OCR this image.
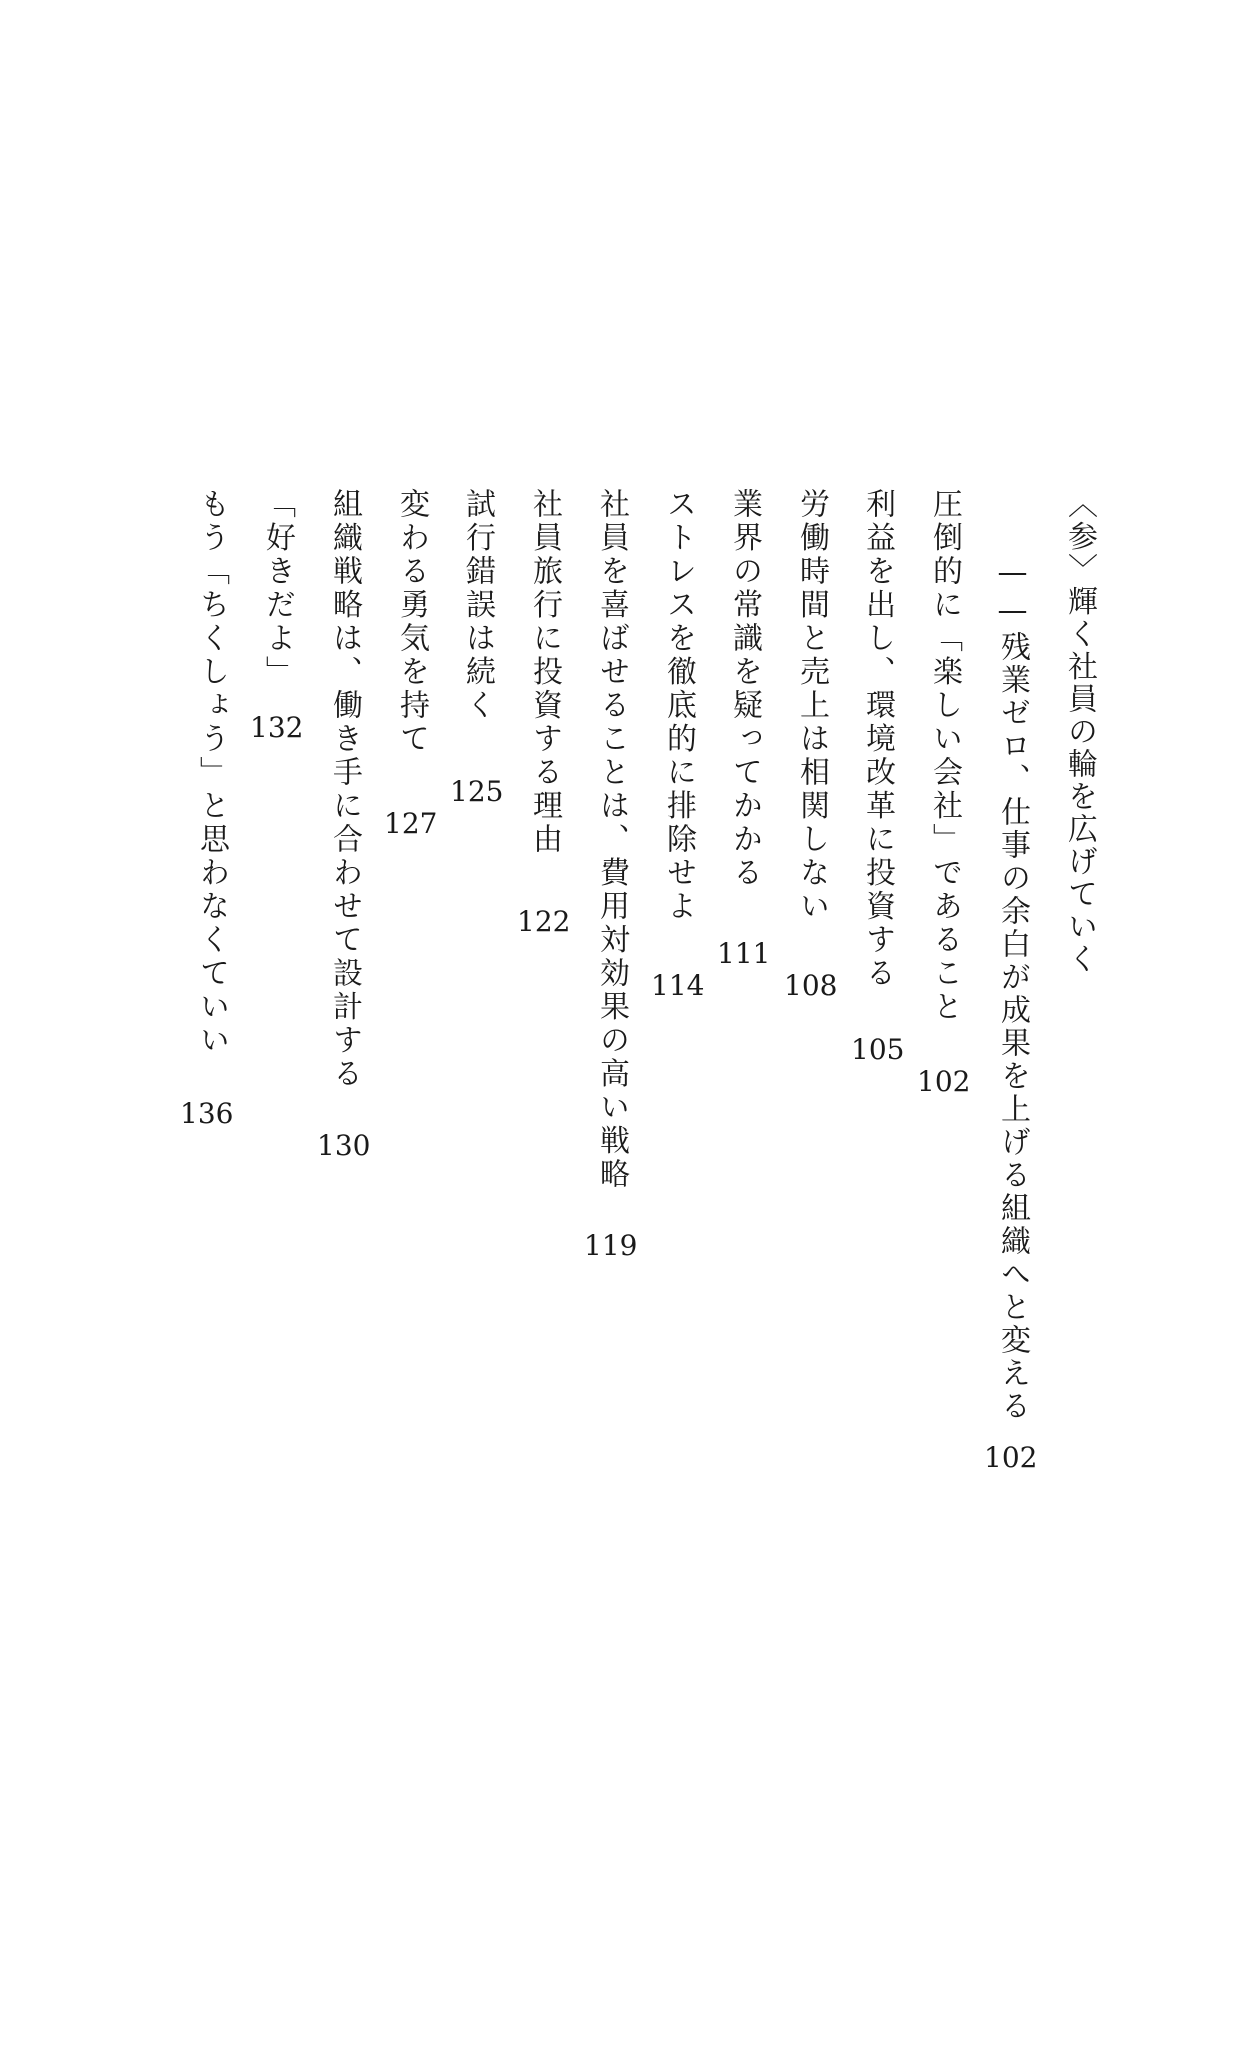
〈参〉輝く社員の輪を広げていく
——残業ゼロ、仕事の余白が成果を上げる組織へと変える
102
圧倒的に「楽しい会社」であること
102
利益を出し、環境改革に投資する
105
労働時間と売上は相関しない
108
業界の常識を疑ってかかる
111
ストレスを徹底的に排除せよ
114
社員を喜ばせることは、費用対効果の高い戦略
119
社員旅行に投資する理由
122
試行錯誤は続く
125
変わる勇気を持て
127
組織戦略は、働き手に合わせて設計する
130
「好きだよ」
132
もう「ちくしょう」と思わなくていい
136
